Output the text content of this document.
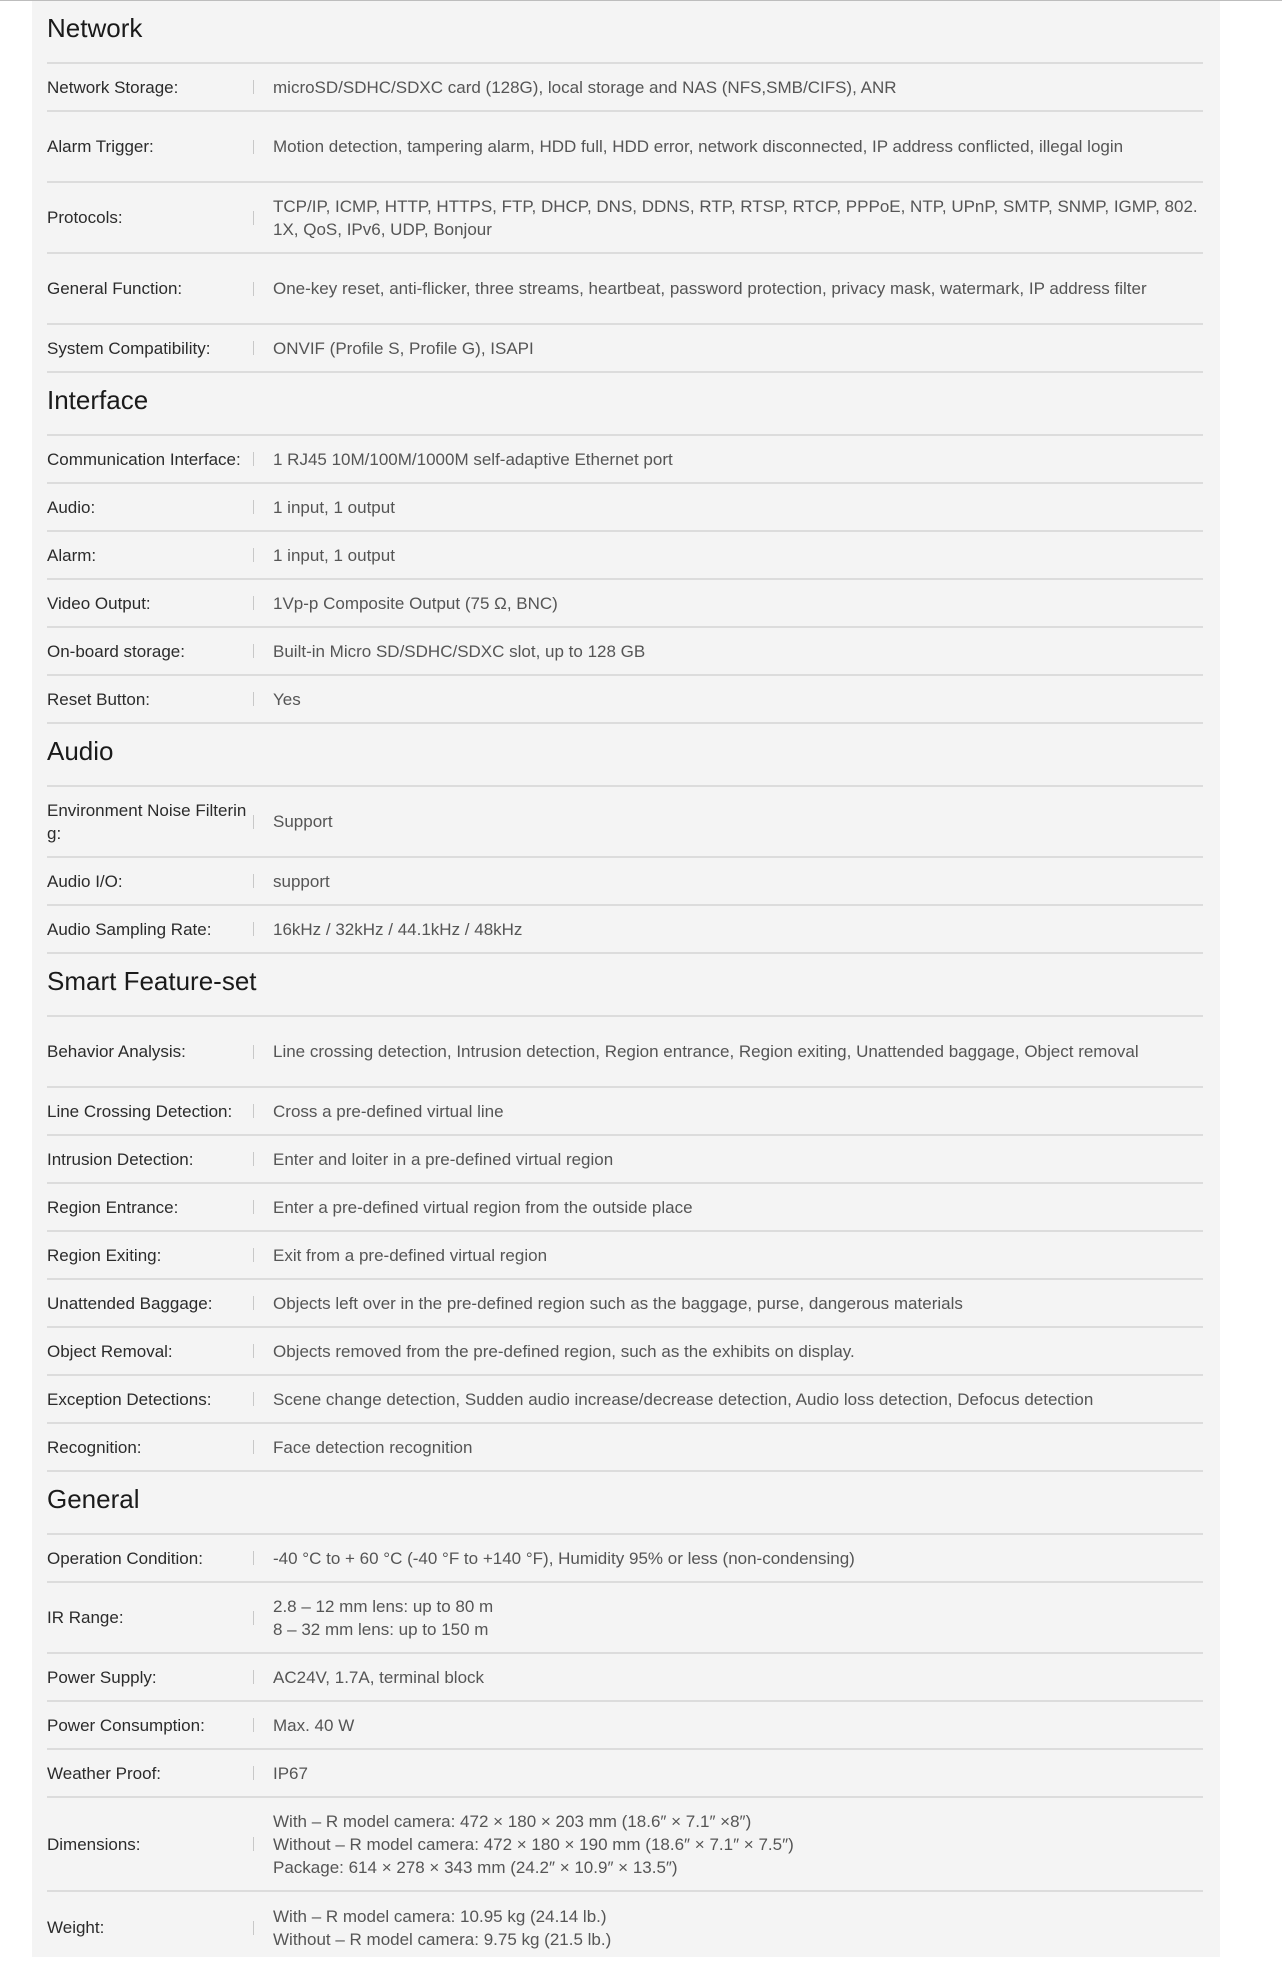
Network
Network Storage:	microSD/SDHC/SDXC card (128G), local storage and NAS (NFS,SMB/CIFS), ANR
Alarm Trigger:	Motion detection, tampering alarm, HDD full, HDD error, network disconnected, IP address conflicted, illegal login
Protocols:
TCP/IP, ICMP, HTTP, HTTPS, FTP, DHCP, DNS, DDNS, RTP, RTSP, RTCP, PPPoE, NTP, UPnP, SMTP, SNMP, IGMP, 802.1X, QoS, IPv6, UDP, Bonjour
General Function:	One-key reset, anti-flicker, three streams, heartbeat, password protection, privacy mask, watermark, IP address filter
System Compatibility:	ONVIF (Profile S, Profile G), ISAPI
Interface
Communication Interface:	1 RJ45 10M/100M/1000M self-adaptive Ethernet port
Audio:	1 input, 1 output
Alarm:	1 input, 1 output
Video Output:	1Vp-p Composite Output (75 Ω, BNC)
On-board storage:	Built-in Micro SD/SDHC/SDXC slot, up to 128 GB
Reset Button:	Yes
Audio
Environment Noise Filtering:
Support
Audio I/O:	support
Audio Sampling Rate:	16kHz / 32kHz / 44.1kHz / 48kHz
Smart Feature-set
Behavior Analysis:	Line crossing detection, Intrusion detection, Region entrance, Region exiting, Unattended baggage, Object removal
Line Crossing Detection:	Cross a pre-defined virtual line
Intrusion Detection:	Enter and loiter in a pre-defined virtual region
Region Entrance:	Enter a pre-defined virtual region from the outside place
Region Exiting:	Exit from a pre-defined virtual region
Unattended Baggage:	Objects left over in the pre-defined region such as the baggage, purse, dangerous materials
Object Removal:	Objects removed from the pre-defined region, such as the exhibits on display.
Exception Detections:	Scene change detection, Sudden audio increase/decrease detection, Audio loss detection, Defocus detection
Recognition:	Face detection recognition
General
Operation Condition:	-40 °C to + 60 °C (-40 °F to +140 °F), Humidity 95% or less (non-condensing)
IR Range:
2.8 – 12 mm lens: up to 80 m
8 – 32 mm lens: up to 150 m
Power Supply:	AC24V, 1.7A, terminal block
Power Consumption:	Max. 40 W
Weather Proof:	IP67
Dimensions:
With – R model camera: 472 × 180 × 203 mm (18.6″ × 7.1″ ×8″)
Without – R model camera: 472 × 180 × 190 mm (18.6″ × 7.1″ × 7.5″)
Package: 614 × 278 × 343 mm (24.2″ × 10.9″ × 13.5″)
Weight:
With – R model camera: 10.95 kg (24.14 lb.)
Without – R model camera: 9.75 kg (21.5 lb.)
